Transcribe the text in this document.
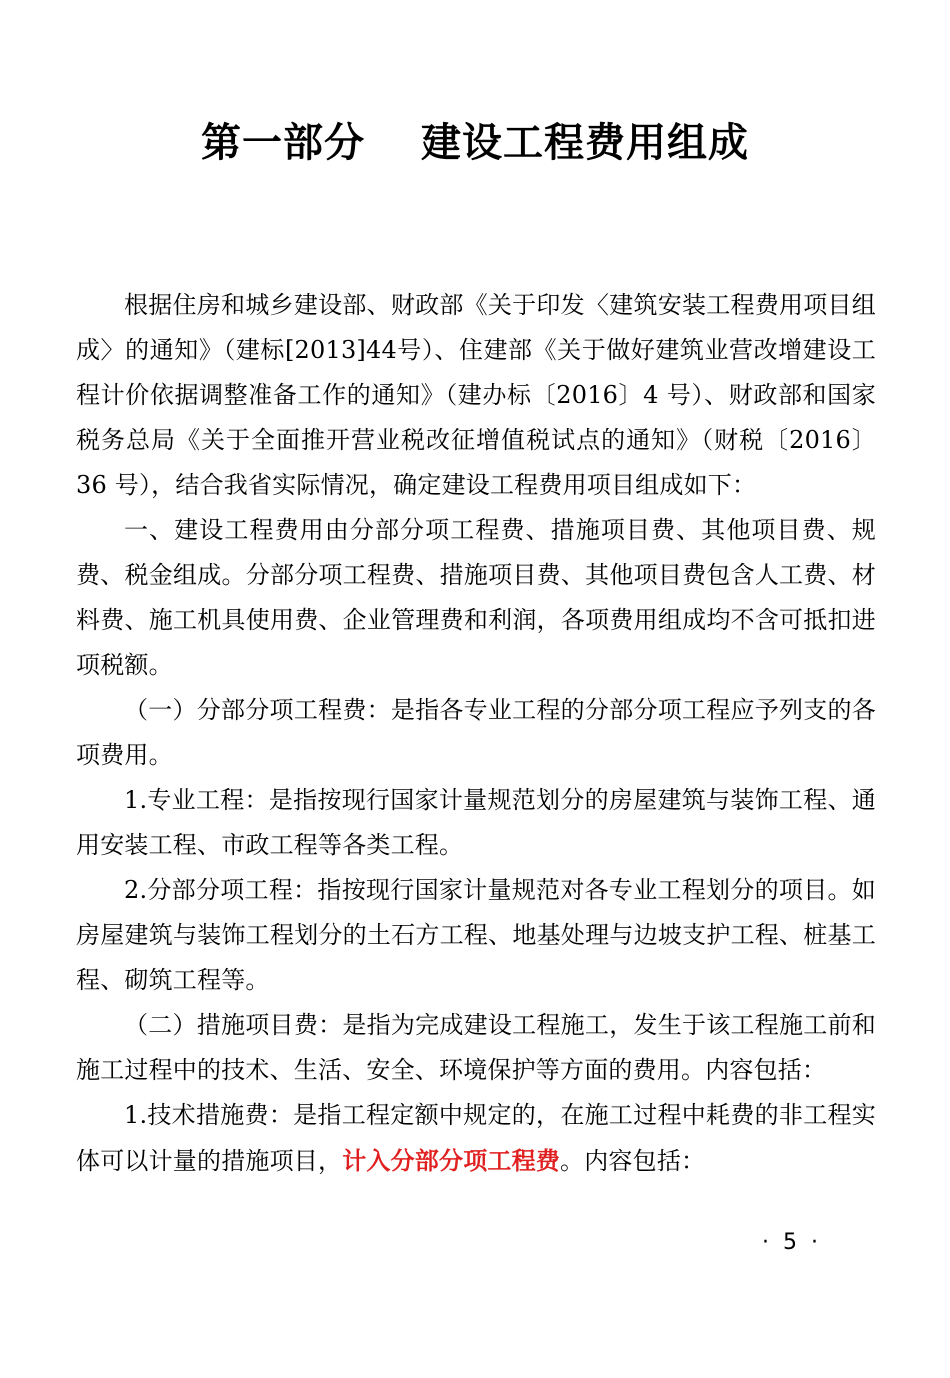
第一部分　 建设工程费用组成

根据住房和城乡建设部、财政部《关于印发〈建筑安装工程费用项目组成〉的通知》（建标[2013]44号）、住建部《关于做好建筑业营改增建设工程计价依据调整准备工作的通知》（建办标〔2016〕4 号）、财政部和国家税务总局《关于全面推开营业税改征增值税试点的通知》（财税〔2016〕36 号），结合我省实际情况，确定建设工程费用项目组成如下：

一、建设工程费用由分部分项工程费、措施项目费、其他项目费、规费、税金组成。分部分项工程费、措施项目费、其他项目费包含人工费、材料费、施工机具使用费、企业管理费和利润，各项费用组成均不含可抵扣进项税额。

（一）分部分项工程费：是指各专业工程的分部分项工程应予列支的各项费用。

1.专业工程：是指按现行国家计量规范划分的房屋建筑与装饰工程、通用安装工程、市政工程等各类工程。

2.分部分项工程：指按现行国家计量规范对各专业工程划分的项目。如房屋建筑与装饰工程划分的土石方工程、地基处理与边坡支护工程、桩基工程、砌筑工程等。

（二）措施项目费：是指为完成建设工程施工，发生于该工程施工前和施工过程中的技术、生活、安全、环境保护等方面的费用。内容包括：

1.技术措施费：是指工程定额中规定的，在施工过程中耗费的非工程实体可以计量的措施项目，计入分部分项工程费。内容包括：

·  5  ·
